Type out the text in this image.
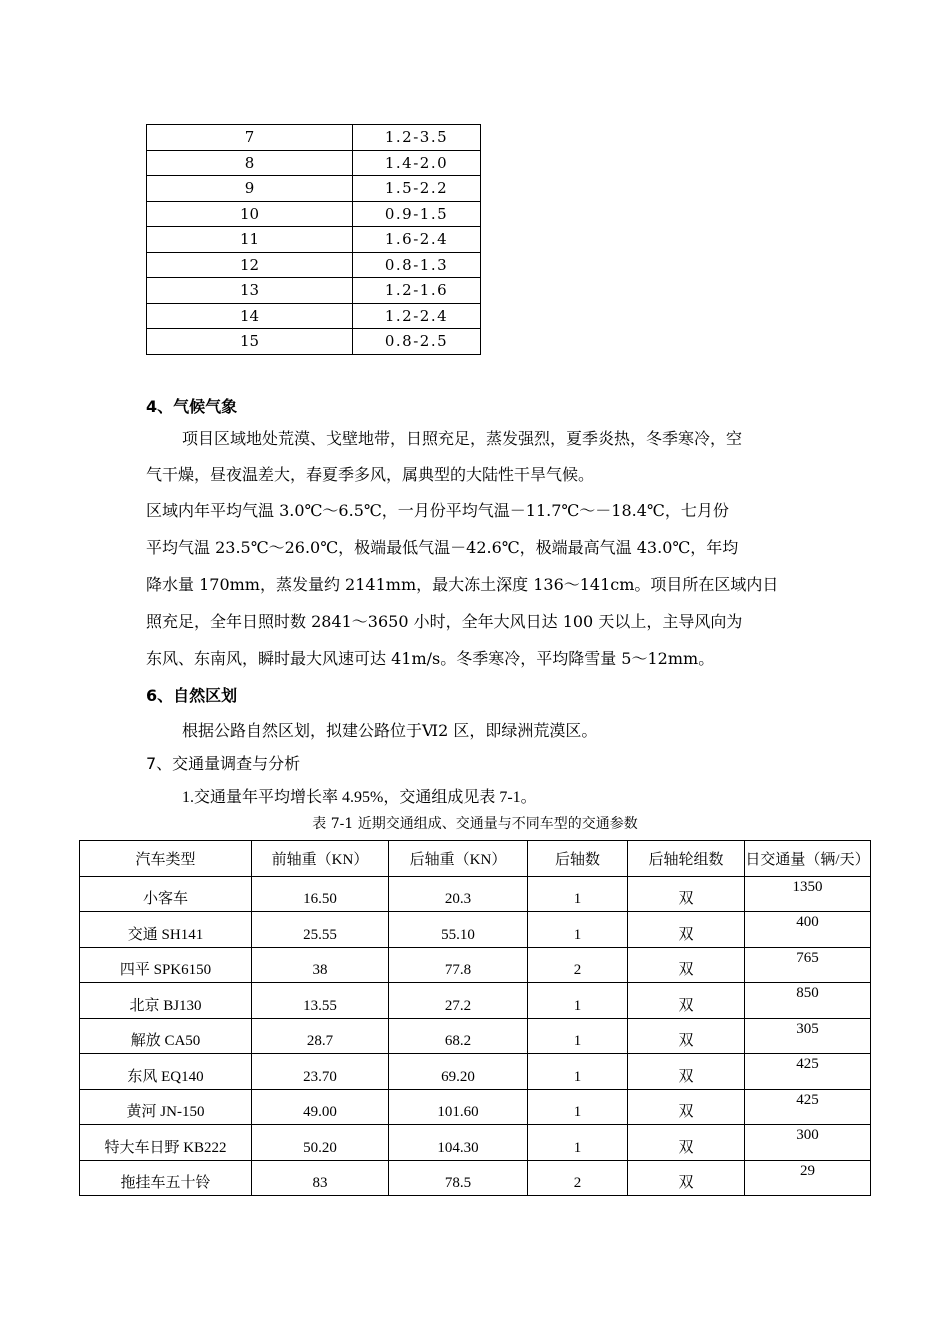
7	1.2-3.5
8	1.4-2.0
9	1.5-2.2
10	0.9-1.5
11	1.6-2.4
12	0.8-1.3
13	1.2-1.6
14	1.2-2.4
15	0.8-2.5
4、气候气象
项目区域地处荒漠、戈壁地带，日照充足，蒸发强烈，夏季炎热，冬季寒冷，空
气干燥，昼夜温差大，春夏季多风，属典型的大陆性干旱气候。
区域内年平均气温 3.0℃～6.5℃，一月份平均气温－11.7℃～－18.4℃，七月份
平均气温 23.5℃～26.0℃，极端最低气温－42.6℃，极端最高气温 43.0℃，年均
降水量 170mm，蒸发量约 2141mm，最大冻土深度 136～141cm。项目所在区域内日
照充足，全年日照时数 2841～3650 小时，全年大风日达 100 天以上，主导风向为
东风、东南风，瞬时最大风速可达 41m/s。冬季寒冷，平均降雪量 5～12mm。
6、自然区划
根据公路自然区划，拟建公路位于Ⅵ2 区，即绿洲荒漠区。
7、交通量调查与分析
1.交通量年平均增长率 4.95%，交通组成见表 7-1。
表 7-1 近期交通组成、交通量与不同车型的交通参数
汽车类型	前轴重（KN）	后轴重（KN）	后轴数	后轴轮组数	日交通量（辆/天）
小客车	16.50	20.3	1	双	1350
交通 SH141	25.55	55.10	1	双	400
四平 SPK6150	38	77.8	2	双	765
北京 BJ130	13.55	27.2	1	双	850
解放 CA50	28.7	68.2	1	双	305
东风 EQ140	23.70	69.20	1	双	425
黄河 JN-150	49.00	101.60	1	双	425
特大车日野 KB222	50.20	104.30	1	双	300
拖挂车五十铃	83	78.5	2	双	29
